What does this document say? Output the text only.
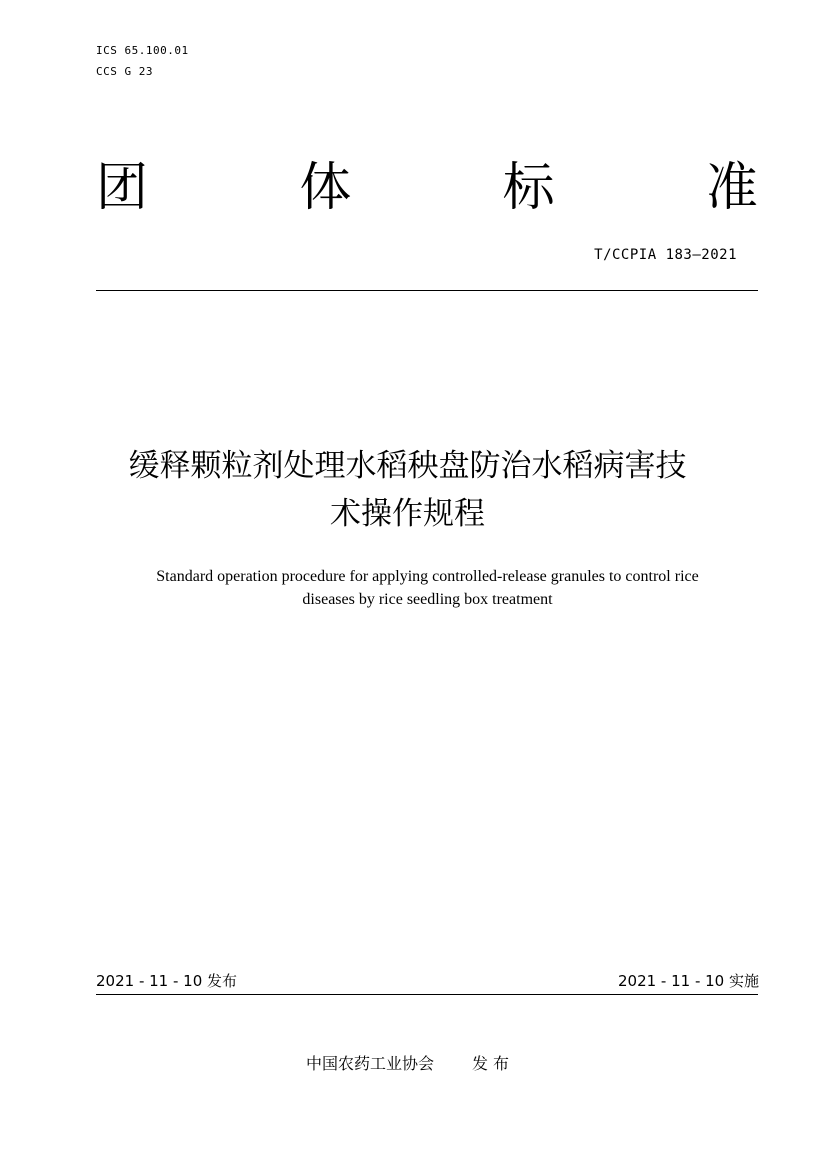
ICS 65.100.01
CCS G 23
团	体	标	准
T/CCPIA 183—2021
缓释颗粒剂处理水稻秧盘防治水稻病害技
术操作规程
Standard operation procedure for applying controlled-release granules to control rice
diseases by rice seedling box treatment
2021 - 11 - 10 发布	2021 - 11 - 10 实施
中国农药工业协会 发 布
